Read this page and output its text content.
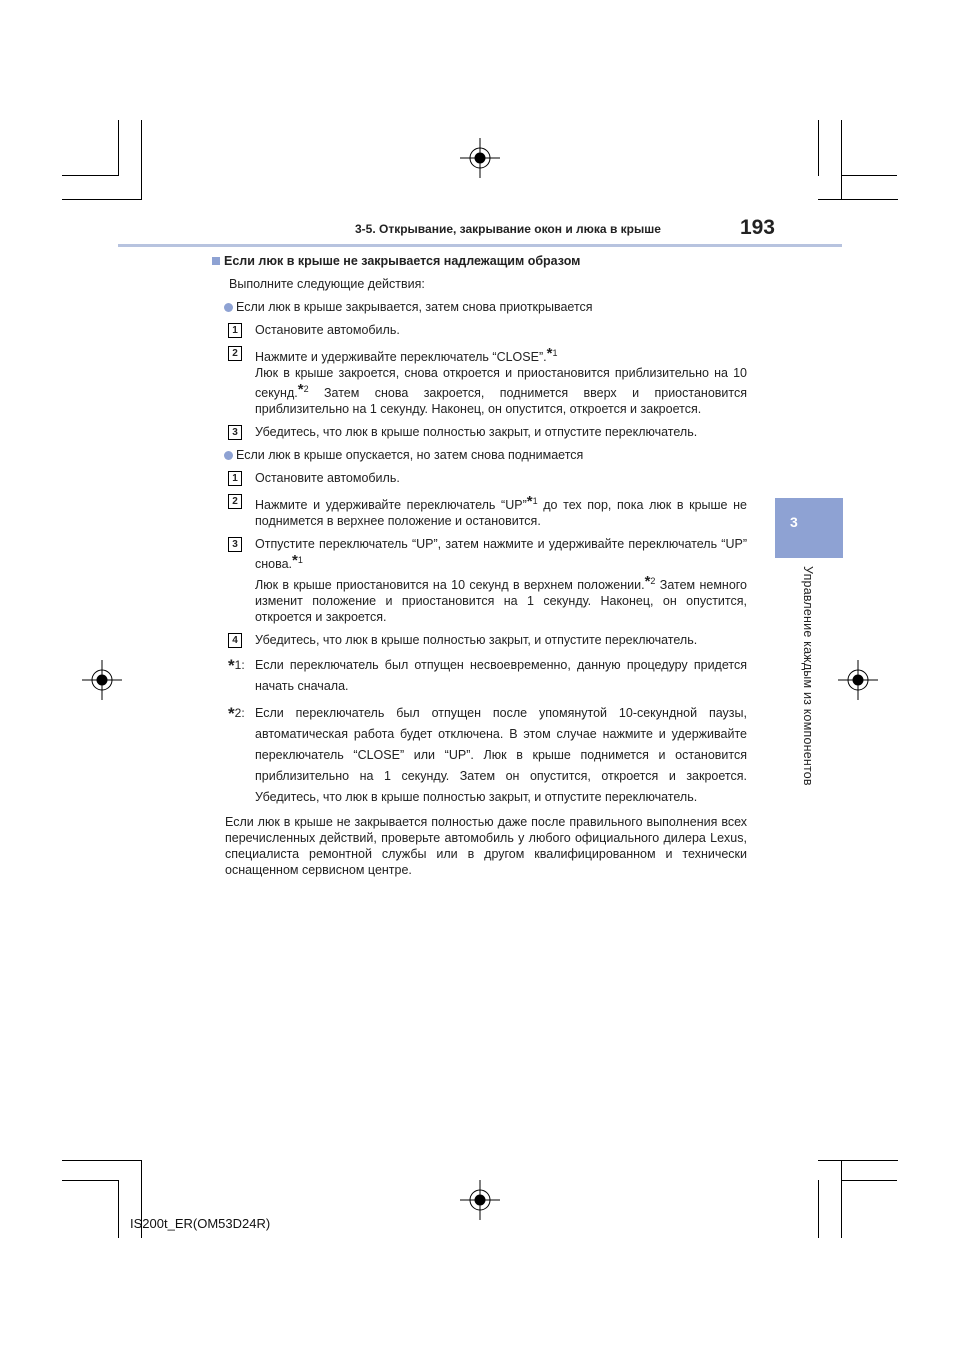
3-5. Открывание, закрывание окон и люка в крыше	193
3
Управление каждым из компонентов
Если люк в крыше не закрывается надлежащим образом
Выполните следующие действия:
Если люк в крыше закрывается, затем снова приоткрывается
1	Остановите автомобиль.
2	Нажмите и удерживайте переключатель “CLOSE”.*$^1$
Люк в крыше закроется, снова откроется и приостановится приблизительно на 10 секунд.*$^2$ Затем снова закроется, поднимется вверх и приостановится приблизительно на 1 секунду. Наконец, он опустится, откроется и закроется.
3	Убедитесь, что люк в крыше полностью закрыт, и отпустите переключатель.
Если люк в крыше опускается, но затем снова поднимается
1	Остановите автомобиль.
2	Нажмите и удерживайте переключатель “UP”*$^1$ до тех пор, пока люк в крыше не поднимется в верхнее положение и остановится.
3	Отпустите переключатель “UP”, затем нажмите и удерживайте переключатель “UP” снова.*$^1$
Люк в крыше приостановится на 10 секунд в верхнем положении.*$^2$ Затем немного изменит положение и приостановится на 1 секунду. Наконец, он опустится, откроется и закроется.
4	Убедитесь, что люк в крыше полностью закрыт, и отпустите переключатель.
*1: Если переключатель был отпущен несвоевременно, данную процедуру придется начать сначала.
*2: Если переключатель был отпущен после упомянутой 10-секундной паузы, автоматическая работа будет отключена. В этом случае нажмите и удерживайте переключатель “CLOSE” или “UP”. Люк в крыше поднимется и остановится приблизительно на 1 секунду. Затем он опустится, откроется и закроется. Убедитесь, что люк в крыше полностью закрыт, и отпустите переключатель.
Если люк в крыше не закрывается полностью даже после правильного выполнения всех перечисленных действий, проверьте автомобиль у любого официального дилера Lexus, специалиста ремонтной службы или в другом квалифицированном и технически оснащенном сервисном центре.
IS200t_ER(OM53D24R)
